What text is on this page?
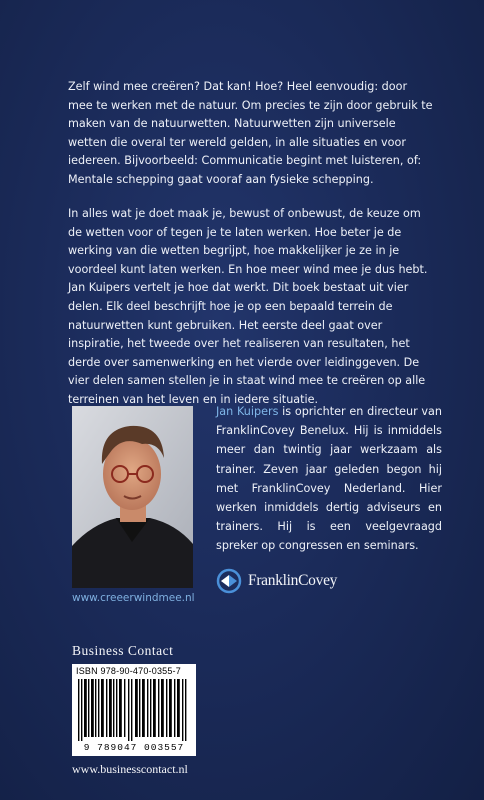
Zelf wind mee creëren? Dat kan! Hoe? Heel eenvoudig: door mee te werken met de natuur. Om precies te zijn door gebruik te maken van de natuurwetten. Natuurwetten zijn universele wetten die overal ter wereld gelden, in alle situaties en voor iedereen. Bijvoorbeeld: Communicatie begint met luisteren, of: Mentale schepping gaat vooraf aan fysieke schepping.

In alles wat je doet maak je, bewust of onbewust, de keuze om de wetten voor of tegen je te laten werken. Hoe beter je de werking van die wetten begrijpt, hoe makkelijker je ze in je voordeel kunt laten werken. En hoe meer wind mee je dus hebt. Jan Kuipers vertelt je hoe dat werkt. Dit boek bestaat uit vier delen. Elk deel beschrijft hoe je op een bepaald terrein de natuurwetten kunt gebruiken. Het eerste deel gaat over inspiratie, het tweede over het realiseren van resultaten, het derde over samenwerking en het vierde over leidinggeven. De vier delen samen stellen je in staat wind mee te creëren op alle terreinen van het leven en in iedere situatie.

www.creeerwindmee.nl

Jan Kuipers is oprichter en directeur van FranklinCovey Benelux. Hij is inmiddels meer dan twintig jaar werkzaam als trainer. Zeven jaar geleden begon hij met FranklinCovey Nederland. Hier werken inmiddels dertig adviseurs en trainers. Hij is een veelgevraagd spreker op congressen en seminars.

FranklinCovey
Business Contact
ISBN 978-90-470-0355-7
9 789047 003557
www.businesscontact.nl
